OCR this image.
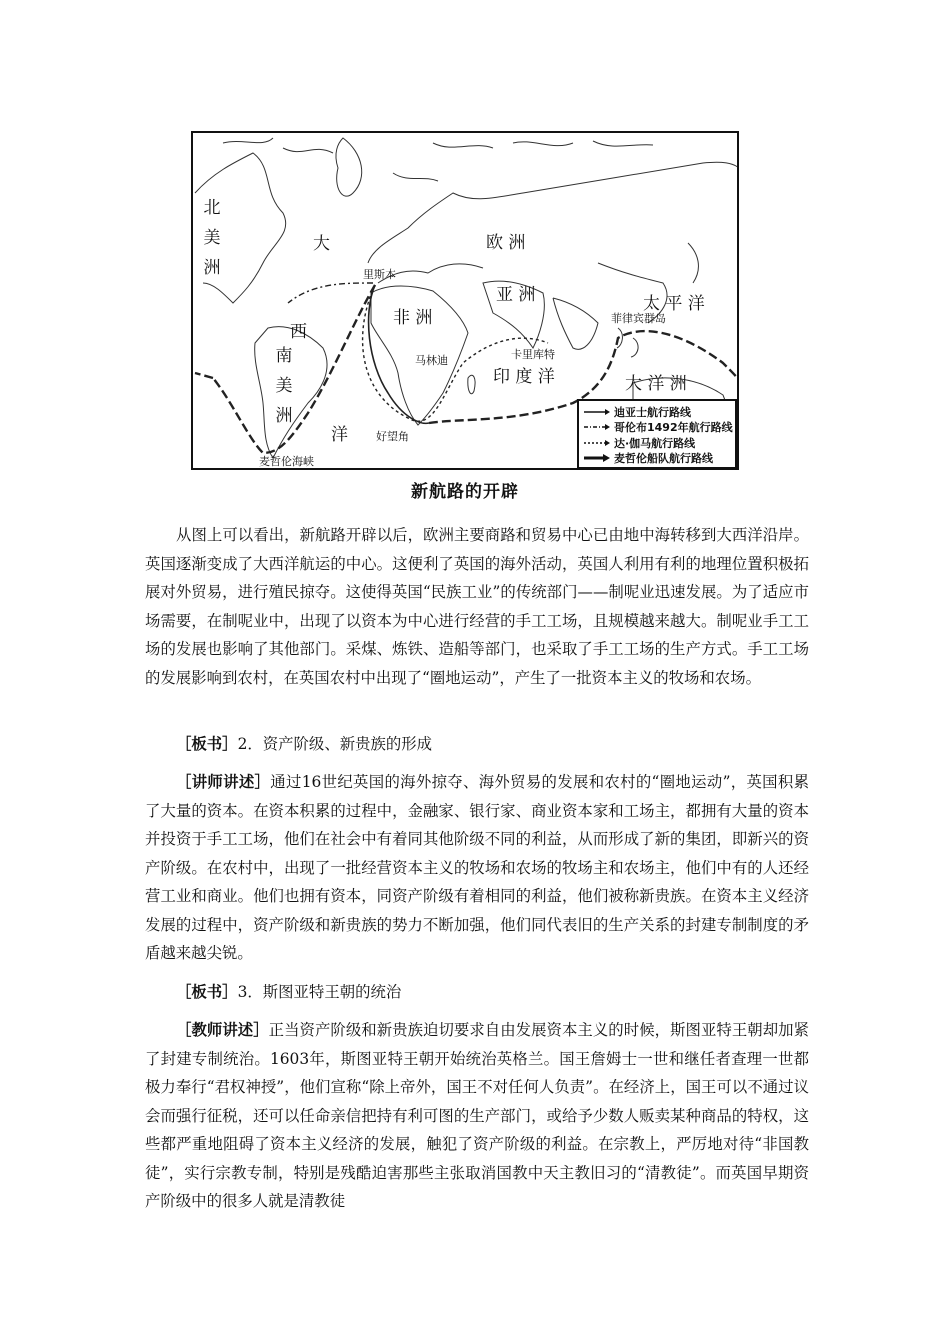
北美洲
大
西
洋
欧 洲
非 洲
亚 洲
南美洲
太 平 洋
印 度 洋	大 洋 洲
里斯本
马林迪	卡里库特
菲律宾群岛
好望角
麦哲伦海峡
迪亚士航行路线
哥伦布1492年航行路线
达·伽马航行路线
麦哲伦船队航行路线
新航路的开辟

从图上可以看出，新航路开辟以后，欧洲主要商路和贸易中心已由地中海转移到大西洋沿岸。英国逐渐变成了大西洋航运的中心。这便利了英国的海外活动，英国人利用有利的地理位置积极拓展对外贸易，进行殖民掠夺。这使得英国“民族工业”的传统部门——制呢业迅速发展。为了适应市场需要，在制呢业中，出现了以资本为中心进行经营的手工工场，且规模越来越大。制呢业手工工场的发展也影响了其他部门。采煤、炼铁、造船等部门，也采取了手工工场的生产方式。手工工场的发展影响到农村，在英国农村中出现了“圈地运动”，产生了一批资本主义的牧场和农场。

［板书］2．资产阶级、新贵族的形成

［讲师讲述］通过16世纪英国的海外掠夺、海外贸易的发展和农村的“圈地运动”，英国积累了大量的资本。在资本积累的过程中，金融家、银行家、商业资本家和工场主，都拥有大量的资本并投资于手工工场，他们在社会中有着同其他阶级不同的利益，从而形成了新的集团，即新兴的资产阶级。在农村中，出现了一批经营资本主义的牧场和农场的牧场主和农场主，他们中有的人还经营工业和商业。他们也拥有资本，同资产阶级有着相同的利益，他们被称新贵族。在资本主义经济发展的过程中，资产阶级和新贵族的势力不断加强，他们同代表旧的生产关系的封建专制制度的矛盾越来越尖锐。

［板书］3．斯图亚特王朝的统治

［教师讲述］正当资产阶级和新贵族迫切要求自由发展资本主义的时候，斯图亚特王朝却加紧了封建专制统治。1603年，斯图亚特王朝开始统治英格兰。国王詹姆士一世和继任者查理一世都极力奉行“君权神授”，他们宣称“除上帝外，国王不对任何人负责”。在经济上，国王可以不通过议会而强行征税，还可以任命亲信把持有利可图的生产部门，或给予少数人贩卖某种商品的特权，这些都严重地阻碍了资本主义经济的发展，触犯了资产阶级的利益。在宗教上，严厉地对待“非国教徒”，实行宗教专制，特别是残酷迫害那些主张取消国教中天主教旧习的“清教徒”。而英国早期资产阶级中的很多人就是清教徒
